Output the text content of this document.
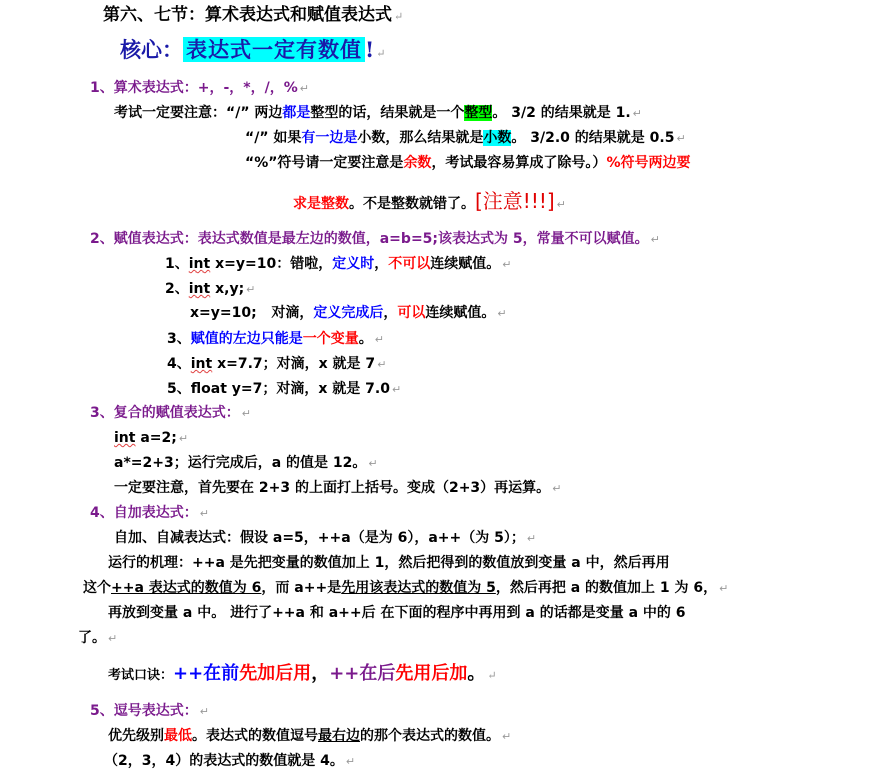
第六、七节：算术表达式和赋值表达式 ↵
核心： 表达式一定有数值 ! ↵
1、算术表达式：+，-，*，/，% ↵
考试一定要注意：“/” 两边都是整型的话，结果就是一个整型。 3/2 的结果就是 1. ↵
“/” 如果有一边是小数，那么结果就是小数。 3/2.0 的结果就是 0.5 ↵
“%”符号请一定要注意是余数，考试最容易算成了除号。）%符号两边要
求是整数。不是整数就错了。[注意!!!] ↵
2、赋值表达式：表达式数值是最左边的数值，a=b=5;该表达式为 5，常量不可以赋值。 ↵
1、int x=y=10：错啦，定义时，不可以连续赋值。 ↵
2、int x,y; ↵
x=y=10;   对滴，定义完成后，可以连续赋值。 ↵
3、赋值的左边只能是一个变量。 ↵
4、int x=7.7；对滴，x 就是 7 ↵
5、float y=7；对滴，x 就是 7.0 ↵
3、复合的赋值表达式： ↵
int a=2; ↵
a*=2+3；运行完成后，a 的值是 12。 ↵
一定要注意，首先要在 2+3 的上面打上括号。变成（2+3）再运算。 ↵
4、自加表达式： ↵
自加、自减表达式：假设 a=5，++a（是为 6），a++（为 5）； ↵
运行的机理：++a 是先把变量的数值加上 1，然后把得到的数值放到变量 a 中，然后再用
这个++a 表达式的数值为 6，而 a++是先用该表达式的数值为 5，然后再把 a 的数值加上 1 为 6， ↵
再放到变量 a 中。 进行了++a 和 a++后 在下面的程序中再用到 a 的话都是变量 a 中的 6
了。 ↵
考试口诀：++在前先加后用，++在后先用后加。 ↵
5、逗号表达式： ↵
优先级别最低。表达式的数值逗号最右边的那个表达式的数值。 ↵
（2，3，4）的表达式的数值就是 4。 ↵
